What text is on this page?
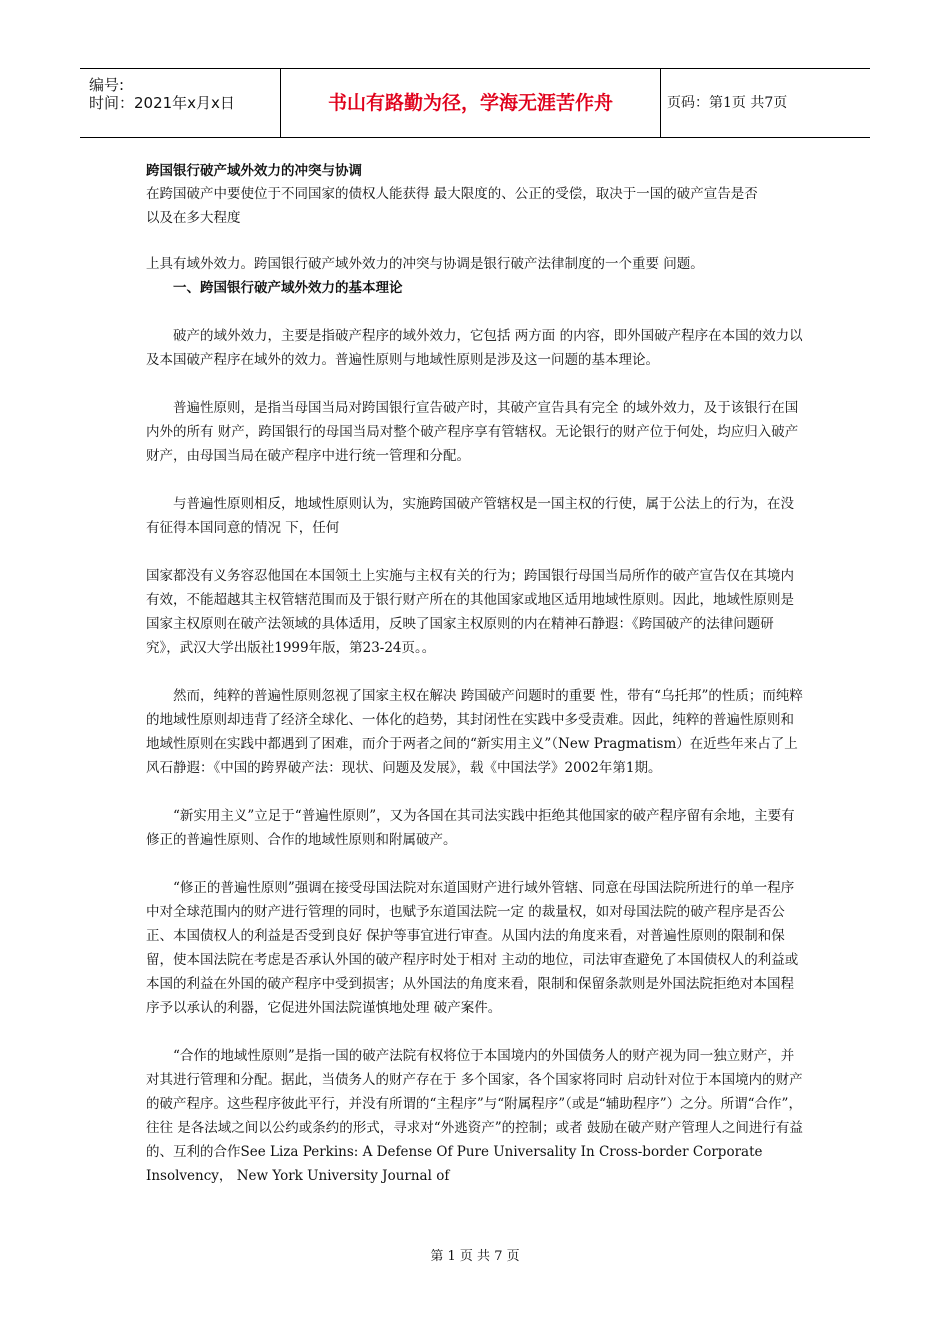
编号:
时间：2021年x月x日	书山有路勤为径，学海无涯苦作舟	页码：第1页 共7页

跨国银行破产域外效力的冲突与协调

在跨国破产中要使位于不同国家的债权人能获得 最大限度的、公正的受偿，取决于一国的破产宣告是否

以及在多大程度

上具有域外效力。跨国银行破产域外效力的冲突与协调是银行破产法律制度的一个重要 问题。

一、跨国银行破产域外效力的基本理论

破产的域外效力，主要是指破产程序的域外效力，它包括 两方面 的内容，即外国破产程序在本国的效力以及本国破产程序在域外的效力。普遍性原则与地域性原则是涉及这一问题的基本理论。

普遍性原则，是指当母国当局对跨国银行宣告破产时，其破产宣告具有完全 的域外效力，及于该银行在国内外的所有 财产，跨国银行的母国当局对整个破产程序享有管辖权。无论银行的财产位于何处，均应归入破产财产，由母国当局在破产程序中进行统一管理和分配。

与普遍性原则相反，地域性原则认为，实施跨国破产管辖权是一国主权的行使，属于公法上的行为，在没有征得本国同意的情况 下，任何

国家都没有义务容忍他国在本国领土上实施与主权有关的行为；跨国银行母国当局所作的破产宣告仅在其境内有效，不能超越其主权管辖范围而及于银行财产所在的其他国家或地区适用地域性原则。因此，地域性原则是国家主权原则在破产法领域的具体适用，反映了国家主权原则的内在精神石静遐：《跨国破产的法律问题研究》，武汉大学出版社1999年版，第23-24页。。

然而，纯粹的普遍性原则忽视了国家主权在解决 跨国破产问题时的重要 性，带有“乌托邦”的性质；而纯粹的地域性原则却违背了经济全球化、一体化的趋势，其封闭性在实践中多受责难。因此，纯粹的普遍性原则和地域性原则在实践中都遇到了困难，而介于两者之间的“新实用主义”（New Pragmatism）在近些年来占了上风石静遐：《中国的跨界破产法：现状、问题及发展》，载《中国法学》2002年第1期。

“新实用主义”立足于“普遍性原则”，又为各国在其司法实践中拒绝其他国家的破产程序留有余地，主要有修正的普遍性原则、合作的地域性原则和附属破产。

“修正的普遍性原则”强调在接受母国法院对东道国财产进行域外管辖、同意在母国法院所进行的单一程序中对全球范围内的财产进行管理的同时，也赋予东道国法院一定 的裁量权，如对母国法院的破产程序是否公正、本国债权人的利益是否受到良好 保护等事宜进行审查。从国内法的角度来看，对普遍性原则的限制和保留，使本国法院在考虑是否承认外国的破产程序时处于相对 主动的地位，司法审查避免了本国债权人的利益或本国的利益在外国的破产程序中受到损害；从外国法的角度来看，限制和保留条款则是外国法院拒绝对本国程序予以承认的利器，它促进外国法院谨慎地处理 破产案件。

“合作的地域性原则”是指一国的破产法院有权将位于本国境内的外国债务人的财产视为同一独立财产，并对其进行管理和分配。据此，当债务人的财产存在于 多个国家，各个国家将同时 启动针对位于本国境内的财产的破产程序。这些程序彼此平行，并没有所谓的“主程序”与“附属程序”（或是“辅助程序”）之分。所谓“合作”，往往 是各法域之间以公约或条约的形式，寻求对“外逃资产”的控制；或者 鼓励在破产财产管理人之间进行有益的、互利的合作See Liza Perkins: A Defense Of Pure Universality In Cross-border Corporate Insolvency， New York University Journal of

第 1 页 共 7 页
